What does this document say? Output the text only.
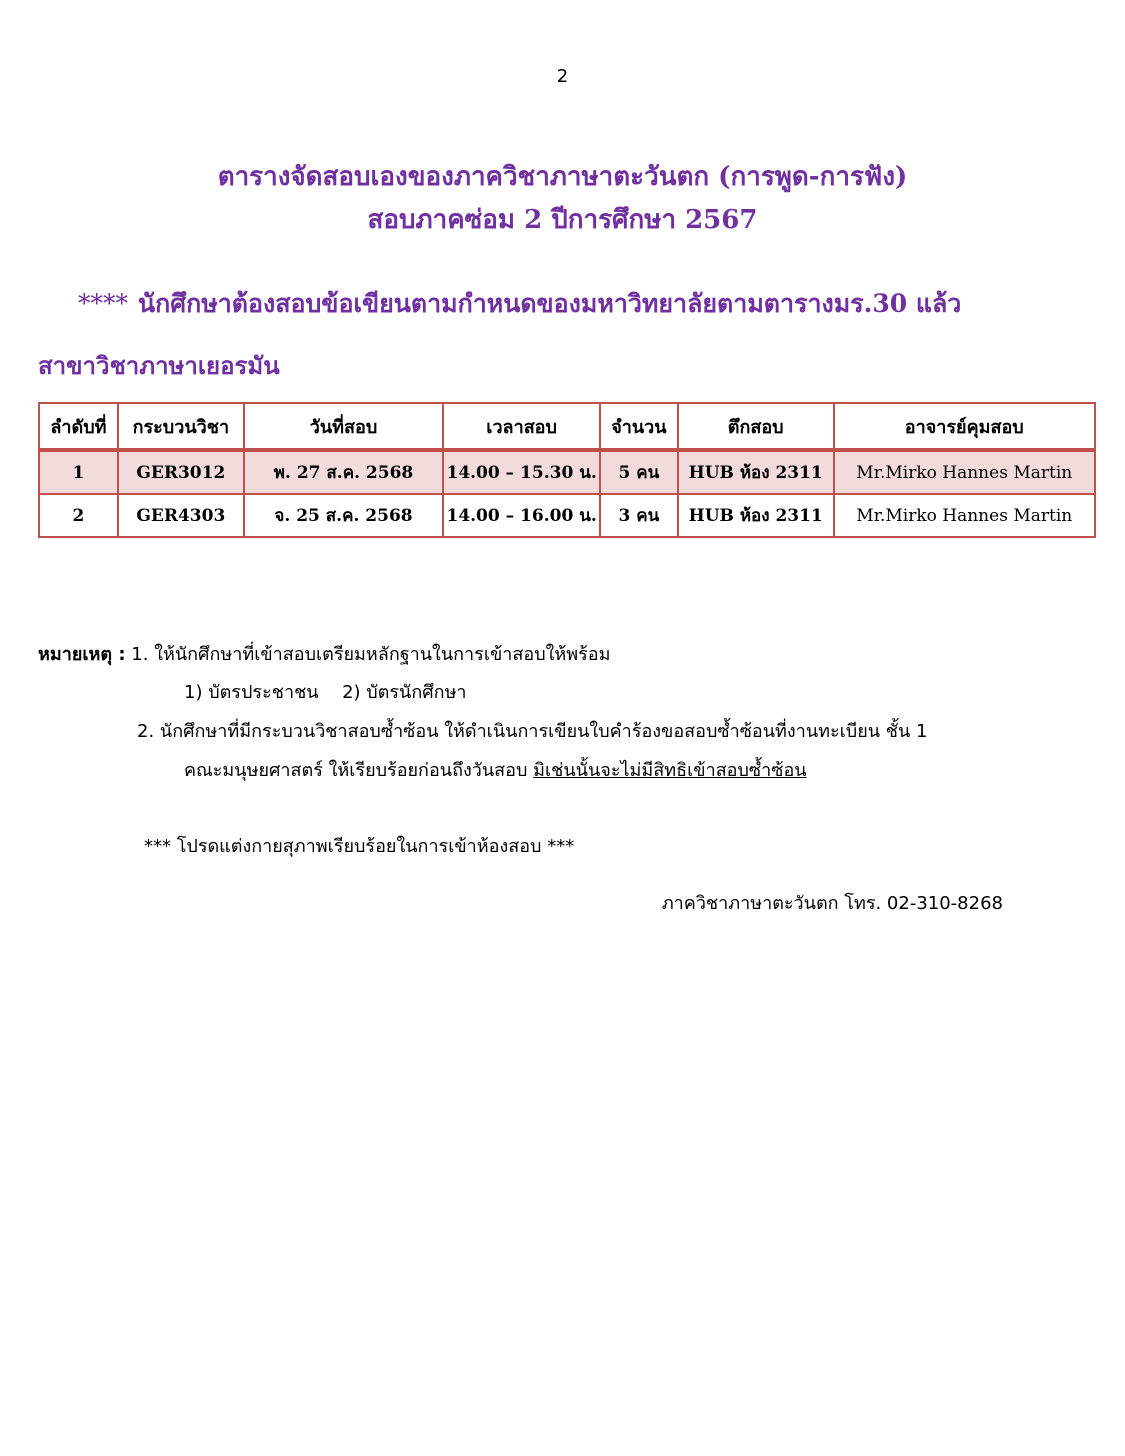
2
ตารางจัดสอบเองของภาควิชาภาษาตะวันตก (การพูด-การฟัง)
สอบภาคซ่อม 2 ปีการศึกษา 2567
**** นักศึกษาต้องสอบข้อเขียนตามกำหนดของมหาวิทยาลัยตามตารางมร.30 แล้ว
สาขาวิชาภาษาเยอรมัน
ลำดับที่	กระบวนวิชา	วันที่สอบ	เวลาสอบ	จำนวน	ตึกสอบ	อาจารย์คุมสอบ
1	GER3012	พ. 27 ส.ค. 2568	14.00 – 15.30 น.	5 คน	HUB ห้อง 2311	Mr.Mirko Hannes Martin
2	GER4303	จ. 25 ส.ค. 2568	14.00 – 16.00 น.	3 คน	HUB ห้อง 2311	Mr.Mirko Hannes Martin
หมายเหตุ : 1. ให้นักศึกษาที่เข้าสอบเตรียมหลักฐานในการเข้าสอบให้พร้อม
1) บัตรประชาชน 2) บัตรนักศึกษา
2. นักศึกษาที่มีกระบวนวิชาสอบซ้ำซ้อน ให้ดำเนินการเขียนใบคำร้องขอสอบซ้ำซ้อนที่งานทะเบียน ชั้น 1
คณะมนุษยศาสตร์ ให้เรียบร้อยก่อนถึงวันสอบ มิเช่นนั้นจะไม่มีสิทธิเข้าสอบซ้ำซ้อน
*** โปรดแต่งกายสุภาพเรียบร้อยในการเข้าห้องสอบ ***
ภาควิชาภาษาตะวันตก โทร. 02-310-8268
